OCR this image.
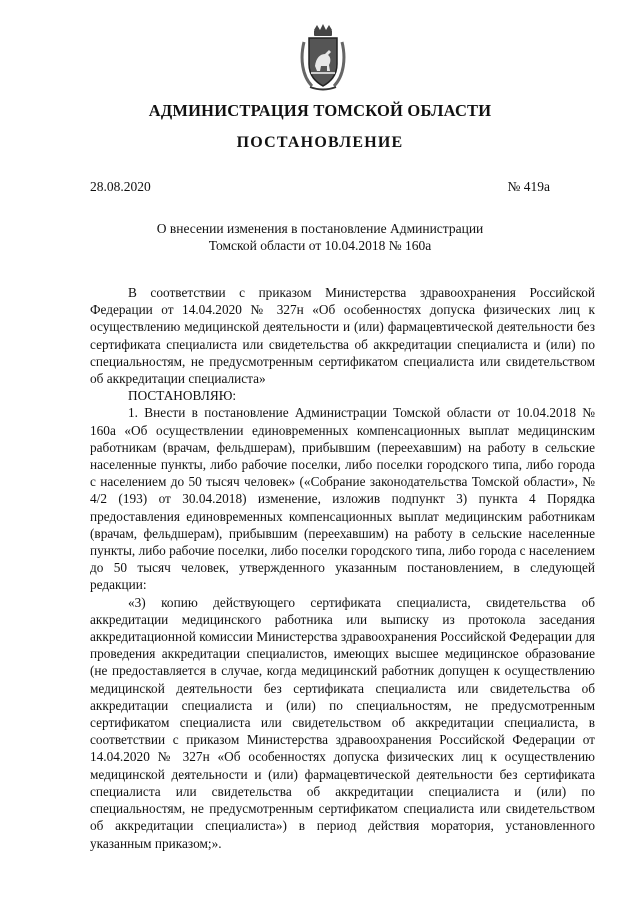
АДМИНИСТРАЦИЯ ТОМСКОЙ ОБЛАСТИ
ПОСТАНОВЛЕНИЕ
28.08.2020	№ 419а
О внесении изменения в постановление Администрации
Томской области от 10.04.2018 № 160а

В соответствии с приказом Министерства здравоохранения Российской Федерации от 14.04.2020 № 327н «Об особенностях допуска физических лиц к осуществлению медицинской деятельности и (или) фармацевтической деятельности без сертификата специалиста или свидетельства об аккредитации специалиста и (или) по специальностям, не предусмотренным сертификатом специалиста или свидетельством об аккредитации специалиста»

ПОСТАНОВЛЯЮ:

1. Внести в постановление Администрации Томской области от 10.04.2018 № 160а «Об осуществлении единовременных компенсационных выплат медицинским работникам (врачам, фельдшерам), прибывшим (переехавшим) на работу в сельские населенные пункты, либо рабочие поселки, либо поселки городского типа, либо города с населением до 50 тысяч человек» («Собрание законодательства Томской области», № 4/2 (193) от 30.04.2018) изменение, изложив подпункт 3) пункта 4 Порядка предоставления единовременных компенсационных выплат медицинским работникам (врачам, фельдшерам), прибывшим (переехавшим) на работу в сельские населенные пункты, либо рабочие поселки, либо поселки городского типа, либо города с населением до 50 тысяч человек, утвержденного указанным постановлением, в следующей редакции:

«3) копию действующего сертификата специалиста, свидетельства об аккредитации медицинского работника или выписку из протокола заседания аккредитационной комиссии Министерства здравоохранения Российской Федерации для проведения аккредитации специалистов, имеющих высшее медицинское образование (не предоставляется в случае, когда медицинский работник допущен к осуществлению медицинской деятельности без сертификата специалиста или свидетельства об аккредитации специалиста и (или) по специальностям, не предусмотренным сертификатом специалиста или свидетельством об аккредитации специалиста, в соответствии с приказом Министерства здравоохранения Российской Федерации от 14.04.2020 № 327н «Об особенностях допуска физических лиц к осуществлению медицинской деятельности и (или) фармацевтической деятельности без сертификата специалиста или свидетельства об аккредитации специалиста и (или) по специальностям, не предусмотренным сертификатом специалиста или свидетельством об аккредитации специалиста») в период действия моратория, установленного указанным приказом;».
